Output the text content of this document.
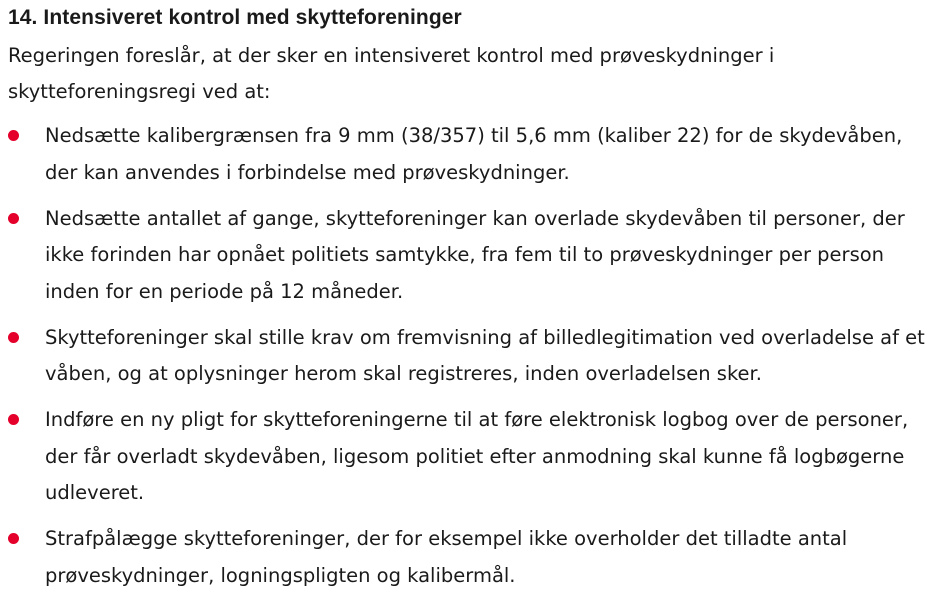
14. Intensiveret kontrol med skytteforeninger
Regeringen foreslår, at der sker en intensiveret kontrol med prøveskydninger i skytteforeningsregi ved at:
Nedsætte kalibergrænsen fra 9 mm (38/357) til 5,6 mm (kaliber 22) for de skydevåben, der kan anvendes i forbindelse med prøveskydninger.
Nedsætte antallet af gange, skytteforeninger kan overlade skydevåben til personer, der ikke forinden har opnået politiets samtykke, fra fem til to prøveskydninger per person inden for en periode på 12 måneder.
Skytteforeninger skal stille krav om fremvisning af billedlegitimation ved overladelse af et våben, og at oplysninger herom skal registreres, inden overladelsen sker.
Indføre en ny pligt for skytteforeningerne til at føre elektronisk logbog over de personer, der får overladt skydevåben, ligesom politiet efter anmodning skal kunne få logbøgerne udleveret.
Strafpålægge skytteforeninger, der for eksempel ikke overholder det tilladte antal prøveskydninger, logningspligten og kalibermål.
